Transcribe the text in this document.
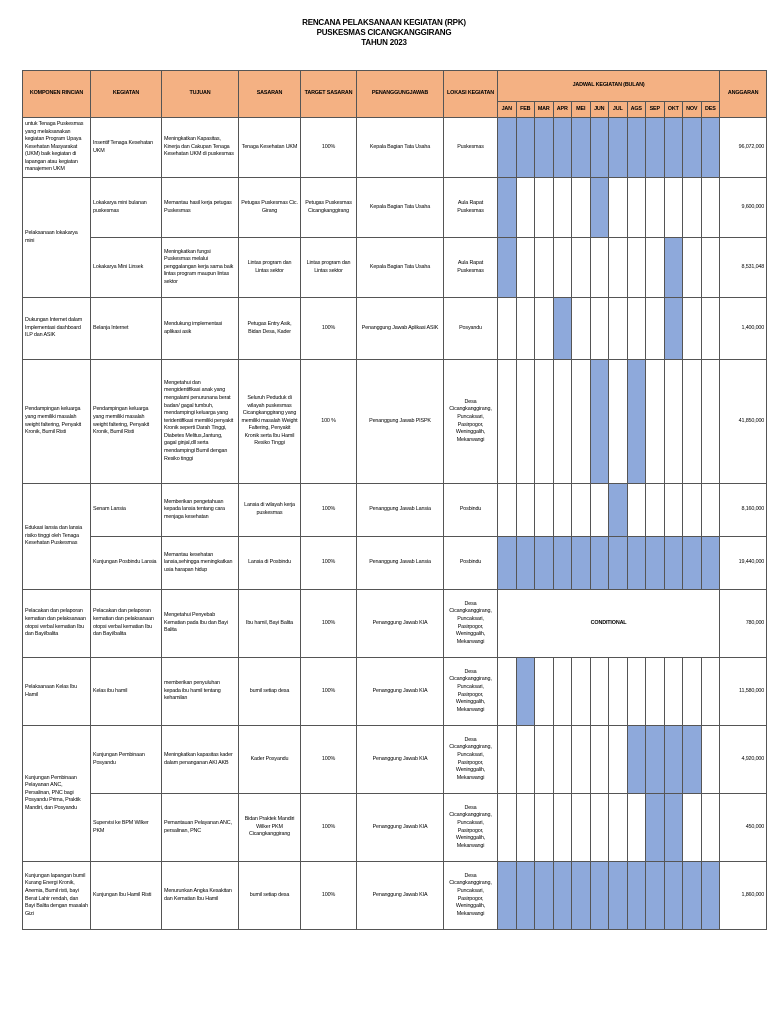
RENCANA PELAKSANAAN KEGIATAN (RPK)
PUSKESMAS CICANGKANGGIRANG
TAHUN 2023
KOMPONEN RINCIAN	KEGIATAN	TUJUAN	SASARAN	TARGET SASARAN	PENANGGUNGJAWAB	LOKASI KEGIATAN	JADWAL KEGIATAN (BULAN)												ANGGARAN
							JAN	FEB	MAR	APR	MEI	JUN	JUL	AGS	SEP	OKT	NOV	DES	
untuk Tenaga Puskesmas yang melaksanakan kegiatan Program Upaya Kesehatan Masyarakat (UKM) baik kegiatan di lapangan atau kegiatan manajemen UKM	Insentif Tenaga Kesehatan UKM	Meningkatkan Kapasitas, Kinerja dan Cakupan Tenaga Kesehatan UKM di puskesmas	Tenaga Kesehatan UKM	100%	Kepala Bagian Tata Usaha	Puskesmas													96,072,000
Pelaksanaan lokakarya mini	Lokakarya mini bulanan puskesmas	Memantau hasil kerja petugas Puskesmas	Petugas Puskesmas Cic. Girang	Petugas Puskesmas Cicangkanggirang	Kepala Bagian Tata Usaha	Aula Rapat Puskesmas													9,600,000
	Lokakarya Mini Linsek	Meningkatkan fungsi Puskesmas melalui penggalangan kerja sama baik lintas program maupun lintas sektor	Lintas program dan Lintas sektor	Lintas program dan Lintas sektor	Kepala Bagian Tata Usaha	Aula Rapat Puskesmas													8,531,048
Dukungan Internet dalam Implementasi dashboard ILP dan ASIK	Belanja Internet	Mendukung implementasi aplikasi asik	Petugas Entry Asik, Bidan Desa, Kader	100%	Penanggung Jawab Aplikasi ASIK	Posyandu													1,400,000
Pendampingan keluarga yang memiliki masalah weight faltering, Penyakit Kronik, Bumil Risti	Pendampingan keluarga yang memiliki masalah weight faltering, Penyakit Kronik, Bumil Risti	Mengetahui dan mengidentifikasi anak yang mengalami penurunana berat badan/ gagal tumbuh, mendampingi keluarga yang teridentifikasi memiliki penyakit Kronik seperti Darah Tinggi, Diabetes Melitus,Jantung, gagal ginjal,dll serta mendampingi Bumil dengan Resiko tinggi	Seluruh Peduduk di wilayah puskesmas Cicangkanggirang yang memiliki masalah Weight Faltering, Penyakit Kronik serta Ibu Hamil Resiko Tinggi	100 %	Penanggung Jawab PISPK	Desa Cicangkanggirang, Puncaksari, Pasirpogor, Weninggalih, Mekarwangi													41,850,000
Edukasi lansia dan lansia risiko tinggi oleh Tenaga Kesehatan Puskesmas	Senam Lansia	Memberikan pengetahuan kepada lansia tentang cara menjaga kesehatan	Lansia di wilayah kerja puskesmas	100%	Penanggung Jawab Lansia	Posbindu													8,160,000
	Kunjungan Posbindu Lansia	Memantau kesehatan lansia,sehingga meningkatkan usia harapan hidup	Lansia di Posbindu	100%	Penanggung Jawab Lansia	Posbindu													19,440,000
Pelacakan dan pelaporan kematian dan pelaksanaan otopsi verbal kematian Ibu dan Bayi/balita	Pelacakan dan pelaporan kematian dan pelaksanaan otopsi verbal kematian Ibu dan Bayi/balita	Mengetahui Penyebab Kematian pada Ibu dan Bayi Balita	Ibu hamil, Bayi Balita	100%	Penanggung Jawab KIA	Desa Cicangkanggirang, Puncaksari, Pasirpogor, Weninggalih, Mekarwangi	CONDITIONAL												780,000
Pelaksanaan Kelas Ibu Hamil	Kelas ibu hamil	memberikan penyuluhan kepada ibu hamil tentang kehamilan	bumil setiap desa	100%	Penanggung Jawab KIA	Desa Cicangkanggirang, Puncaksari, Pasirpogor, Weninggalih, Mekarwangi													11,580,000
Kunjungan Pembinaan Pelayanan ANC, Persalinan, PNC bagi Posyandu Prima, Praktik Mandiri, dan Posyandu	Kunjungan Pembinaan Posyandu	Meningkatkan kapasitas kader dalam penanganan AKI AKB	Kader Posyandu	100%	Penanggung Jawab KIA	Desa Cicangkanggirang, Puncaksari, Pasirpogor, Weninggalih, Mekarwangi													4,920,000
	Supervisi ke BPM Wilker PKM	Pemantauan Pelayanan ANC, persalinan, PNC	Bidan Praktek Mandiri Wilker PKM Cicangkanggirang	100%	Penanggung Jawab KIA	Desa Cicangkanggirang, Puncaksari, Pasirpogor, Weninggalih, Mekarwangi													450,000
Kunjungan lapangan bumil Kurang Energi Kronik, Anemia, Bumil risti, bayi Berat Lahir rendah, dan Bayi Balita dengan masalah Gizi	Kunjungan Ibu Hamil Risti	Menurunkan Angka Kesakitan dan Kematian Ibu Hamil	bumil setiap desa	100%	Penanggung Jawab KIA	Desa Cicangkanggirang, Puncaksari, Pasirpogor, Weninggalih, Mekarwangi													1,860,000
